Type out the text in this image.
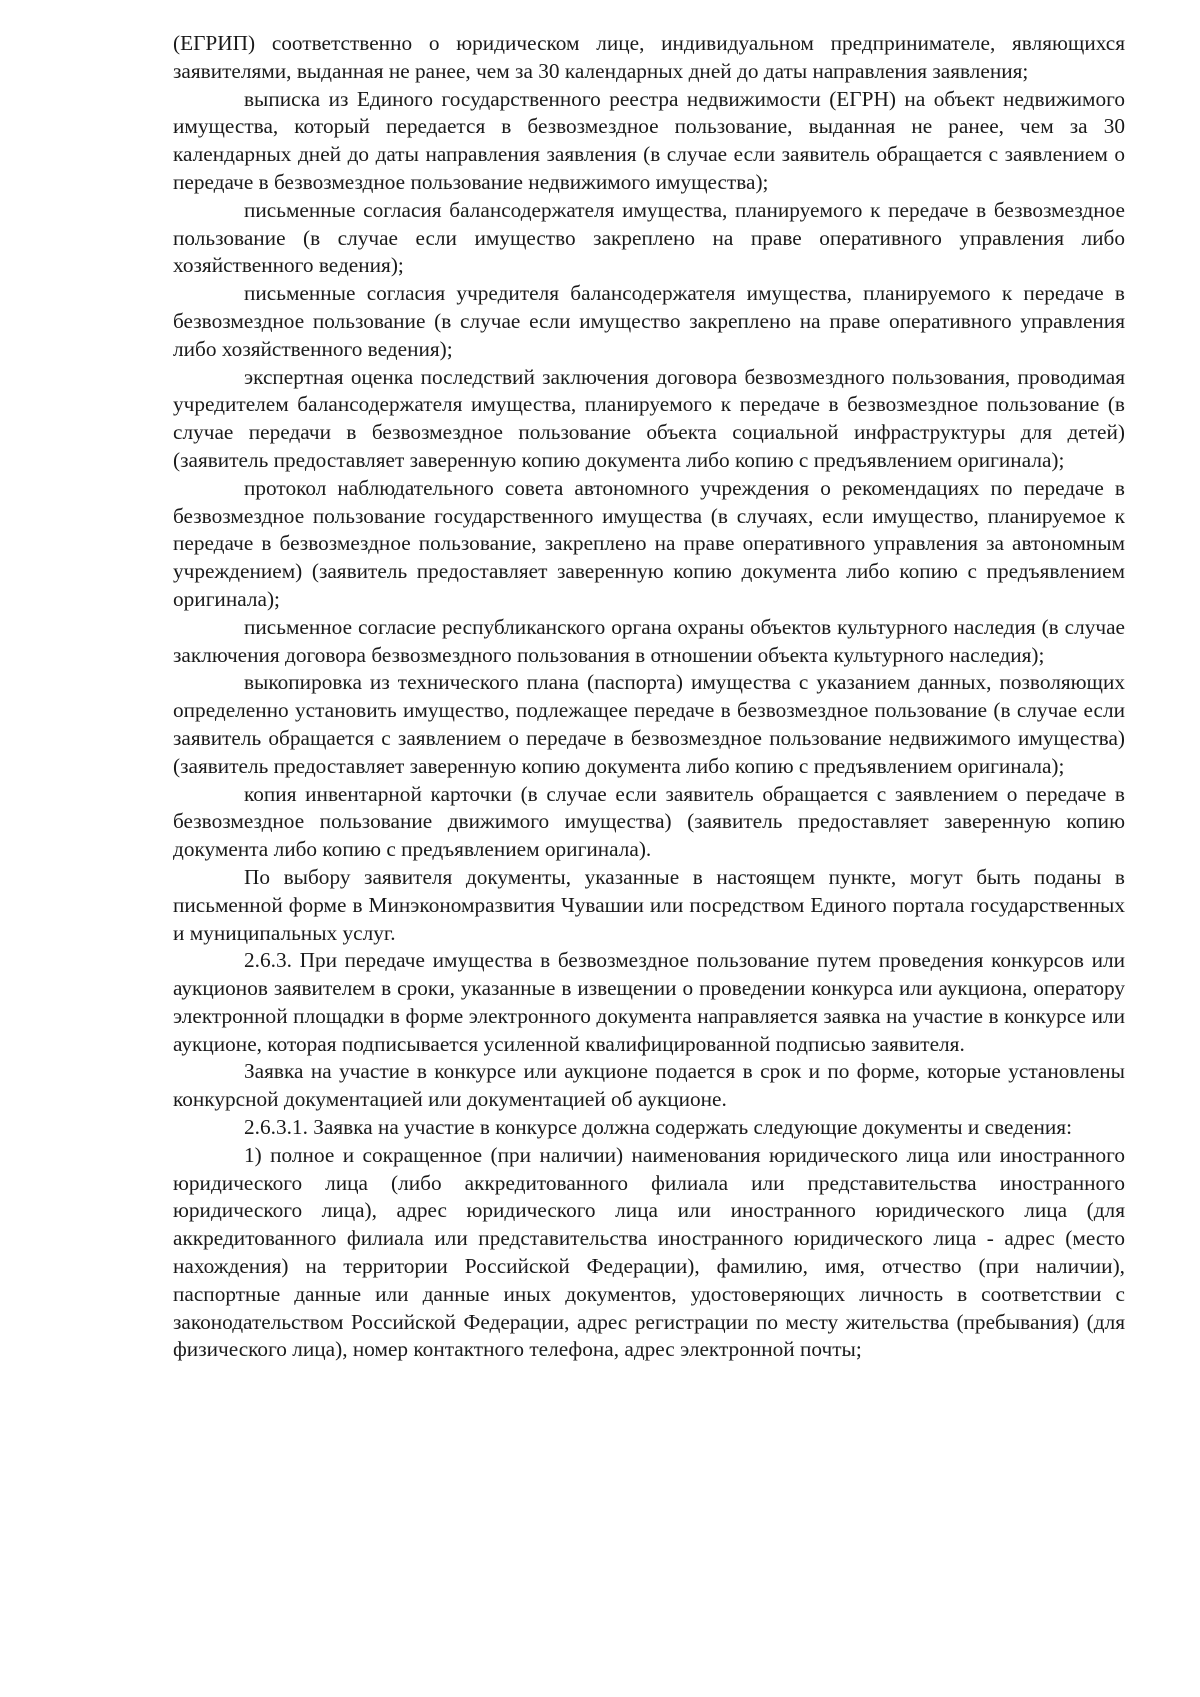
(ЕГРИП) соответственно о юридическом лице, индивидуальном предпринимателе, являющихся заявителями, выданная не ранее, чем за 30 календарных дней до даты направления заявления;

выписка из Единого государственного реестра недвижимости (ЕГРН) на объект недвижимого имущества, который передается в безвозмездное пользование, выданная не ранее, чем за 30 календарных дней до даты направления заявления (в случае если заявитель обращается с заявлением о передаче в безвозмездное пользование недвижимого имущества);

письменные согласия балансодержателя имущества, планируемого к передаче в безвозмездное пользование (в случае если имущество закреплено на праве оперативного управления либо хозяйственного ведения);

письменные согласия учредителя балансодержателя имущества, планируемого к передаче в безвозмездное пользование (в случае если имущество закреплено на праве оперативного управления либо хозяйственного ведения);

экспертная оценка последствий заключения договора безвозмездного пользования, проводимая учредителем балансодержателя имущества, планируемого к передаче в безвозмездное пользование (в случае передачи в безвозмездное пользование объекта социальной инфраструктуры для детей) (заявитель предоставляет заверенную копию документа либо копию с предъявлением оригинала);

протокол наблюдательного совета автономного учреждения о рекомендациях по передаче в безвозмездное пользование государственного имущества (в случаях, если имущество, планируемое к передаче в безвозмездное пользование, закреплено на праве оперативного управления за автономным учреждением) (заявитель предоставляет заверенную копию документа либо копию с предъявлением оригинала);

письменное согласие республиканского органа охраны объектов культурного наследия (в случае заключения договора безвозмездного пользования в отношении объекта культурного наследия);

выкопировка из технического плана (паспорта) имущества с указанием данных, позволяющих определенно установить имущество, подлежащее передаче в безвозмездное пользование (в случае если заявитель обращается с заявлением о передаче в безвозмездное пользование недвижимого имущества) (заявитель предоставляет заверенную копию документа либо копию с предъявлением оригинала);

копия инвентарной карточки (в случае если заявитель обращается с заявлением о передаче в безвозмездное пользование движимого имущества) (заявитель предоставляет заверенную копию документа либо копию с предъявлением оригинала).

По выбору заявителя документы, указанные в настоящем пункте, могут быть поданы в письменной форме в Минэкономразвития Чувашии или посредством Единого портала государственных и муниципальных услуг.

2.6.3. При передаче имущества в безвозмездное пользование путем проведения конкурсов или аукционов заявителем в сроки, указанные в извещении о проведении конкурса или аукциона, оператору электронной площадки в форме электронного документа направляется заявка на участие в конкурсе или аукционе, которая подписывается усиленной квалифицированной подписью заявителя.

Заявка на участие в конкурсе или аукционе подается в срок и по форме, которые установлены конкурсной документацией или документацией об аукционе.

2.6.3.1. Заявка на участие в конкурсе должна содержать следующие документы и сведения:

1) полное и сокращенное (при наличии) наименования юридического лица или иностранного юридического лица (либо аккредитованного филиала или представительства иностранного юридического лица), адрес юридического лица или иностранного юридического лица (для аккредитованного филиала или представительства иностранного юридического лица - адрес (место нахождения) на территории Российской Федерации), фамилию, имя, отчество (при наличии), паспортные данные или данные иных документов, удостоверяющих личность в соответствии с законодательством Российской Федерации, адрес регистрации по месту жительства (пребывания) (для физического лица), номер контактного телефона, адрес электронной почты;
